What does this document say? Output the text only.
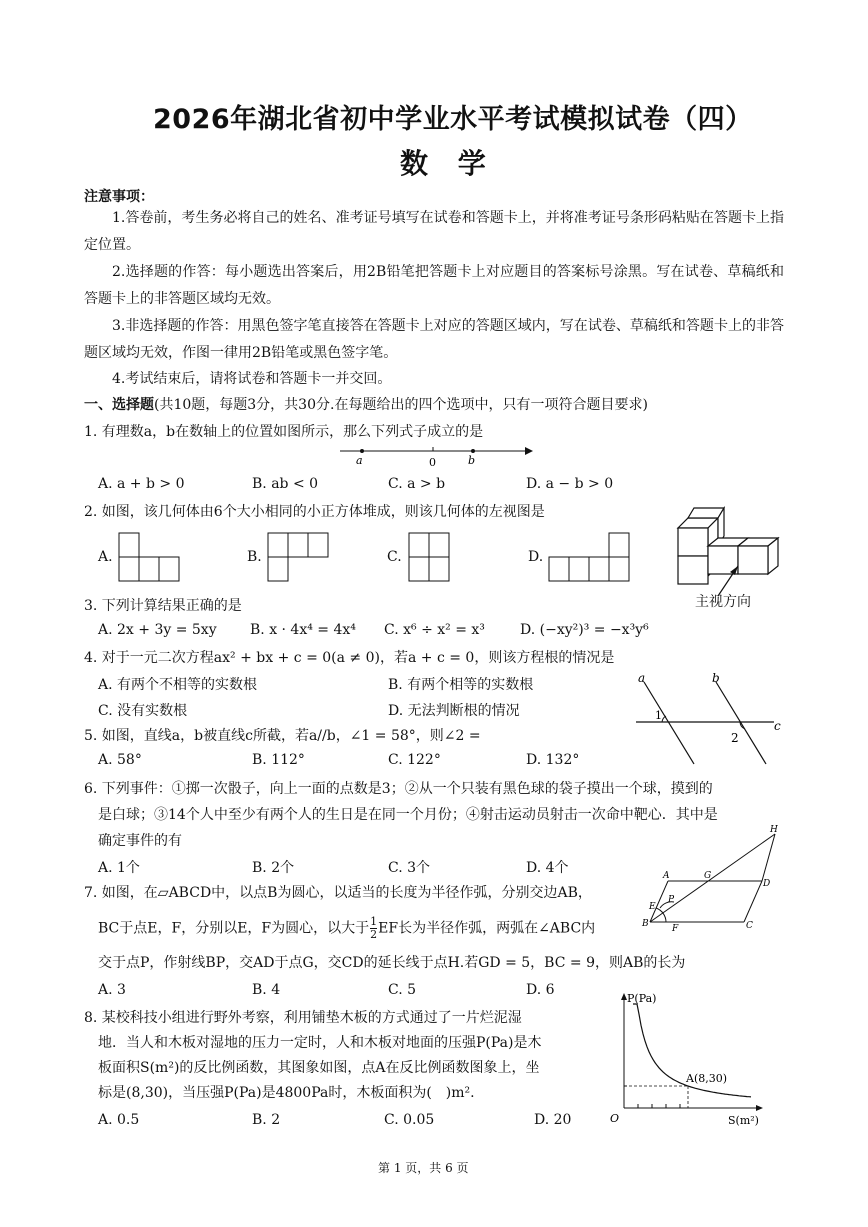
2026年湖北省初中学业水平考试模拟试卷（四）
数 学
注意事项：
1.答卷前，考生务必将自己的姓名、准考证号填写在试卷和答题卡上，并将准考证号条形码粘贴在答题卡上指定位置。
2.选择题的作答：每小题选出答案后，用2B铅笔把答题卡上对应题目的答案标号涂黑。写在试卷、草稿纸和答题卡上的非答题区域均无效。
3.非选择题的作答：用黑色签字笔直接答在答题卡上对应的答题区域内，写在试卷、草稿纸和答题卡上的非答题区域均无效，作图一律用2B铅笔或黑色签字笔。
4.考试结束后，请将试卷和答题卡一并交回。
一、选择题(共10题，每题3分，共30分.在每题给出的四个选项中，只有一项符合题目要求)
1. 有理数a，b在数轴上的位置如图所示，那么下列式子成立的是
a	0	b
A. a + b > 0	B. ab < 0	C. a > b	D. a − b > 0
2. 如图，该几何体由6个大小相同的小正方体堆成，则该几何体的左视图是
A.	B.	C.	D.
主视方向
3. 下列计算结果正确的是
A. 2x + 3y = 5xy B. x · 4x⁴ = 4x⁴ C. x⁶ ÷ x² = x³	D. (−xy²)³ = −x³y⁶
4. 对于一元二次方程ax² + bx + c = 0(a ≠ 0)，若a + c = 0，则该方程根的情况是
A. 有两个不相等的实数根	B. 有两个相等的实数根
C. 没有实数根	D. 无法判断根的情况
a	b
c
1
2
5. 如图，直线a，b被直线c所截，若a//b，∠1 = 58°，则∠2 =
A. 58°	B. 112°	C. 122°	D. 132°
6. 下列事件：①掷一次骰子，向上一面的点数是3；②从一个只装有黑色球的袋子摸出一个球，摸到的
是白球；③14个人中至少有两个人的生日是在同一个月份；④射击运动员射击一次命中靶心．其中是
确定事件的有
A. 1个	B. 2个	C. 3个	D. 4个	A
B	C
D
E
F
G
H
P
7. 如图，在▱ABCD中，以点B为圆心，以适当的长度为半径作弧，分别交边AB，
BC于点E，F，分别以E，F为圆心，以大于 $\frac{1}{2}$ EF长为半径作弧，两弧在∠ABC内
交于点P，作射线BP，交AD于点G，交CD的延长线于点H.若GD = 5，BC = 9，则AB的长为
A. 3	B. 4	C. 5	D. 6
8. 某校科技小组进行野外考察，利用铺垫木板的方式通过了一片烂泥湿
地．当人和木板对湿地的压力一定时，人和木板对地面的压强P(Pa)是木
板面积S(m²)的反比例函数，其图象如图，点A在反比例函数图象上，坐
标是(8,30)，当压强P(Pa)是4800Pa时，木板面积为(　)m².
A. 0.5	B. 2	C. 0.05	D. 20
P(Pa)
S(m²)
O
A(8,30)
第 1 页，共 6 页
